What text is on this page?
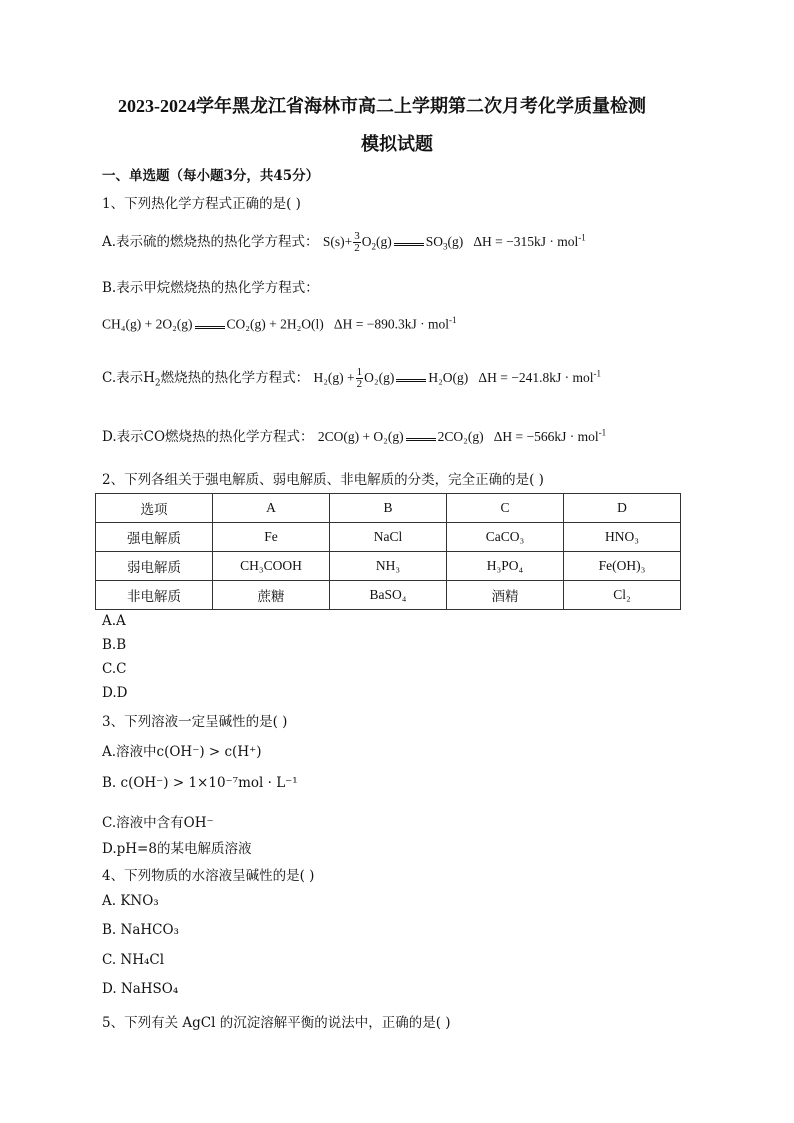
2023-2024学年黑龙江省海林市高二上学期第二次月考化学质量检测
模拟试题
一、单选题（每小题3分，共45分）
1、下列热化学方程式正确的是( )
A.表示硫的燃烧热的热化学方程式： $S(s)+ \frac{3}{2} O_2(g)$	$SO_3(g) \Delta H = -315kJ \cdot mol^{-1}$
B.表示甲烷燃烧热的热化学方程式：
CH₄(g) + 2O₂(g)	CO₂(g) + 2H₂O(l) ΔH = −890.3kJ · mol$^{-1}$
C.表示$H_2$燃烧热的热化学方程式： $H_2(g) + \frac{1}{2} O_2(g)$	H₂O(g) ΔH = −241.8kJ · mol$^{-1}$
D.表示CO燃烧热的热化学方程式： 2CO(g) + O₂(g)	2CO₂(g) ΔH = −566kJ · mol$^{-1}$
2、下列各组关于强电解质、弱电解质、非电解质的分类，完全正确的是( )
选项	A	B	C	D
强电解质	Fe	NaCl	CaCO₃	HNO₃
弱电解质	CH₃COOH	NH₃	H₃PO₄	Fe(OH)₃
非电解质	蔗糖	BaSO₄	酒精	Cl₂
A.A
B.B
C.C
D.D
3、下列溶液一定呈碱性的是( )
A.溶液中c(OH⁻) > c(H⁺)
B. c(OH⁻) > 1×10⁻⁷mol · L⁻¹
C.溶液中含有OH⁻
D.pH=8的某电解质溶液
4、下列物质的水溶液呈碱性的是( )
A. KNO₃
B. NaHCO₃
C. NH₄Cl
D. NaHSO₄
5、下列有关 AgCl 的沉淀溶解平衡的说法中，正确的是( )
